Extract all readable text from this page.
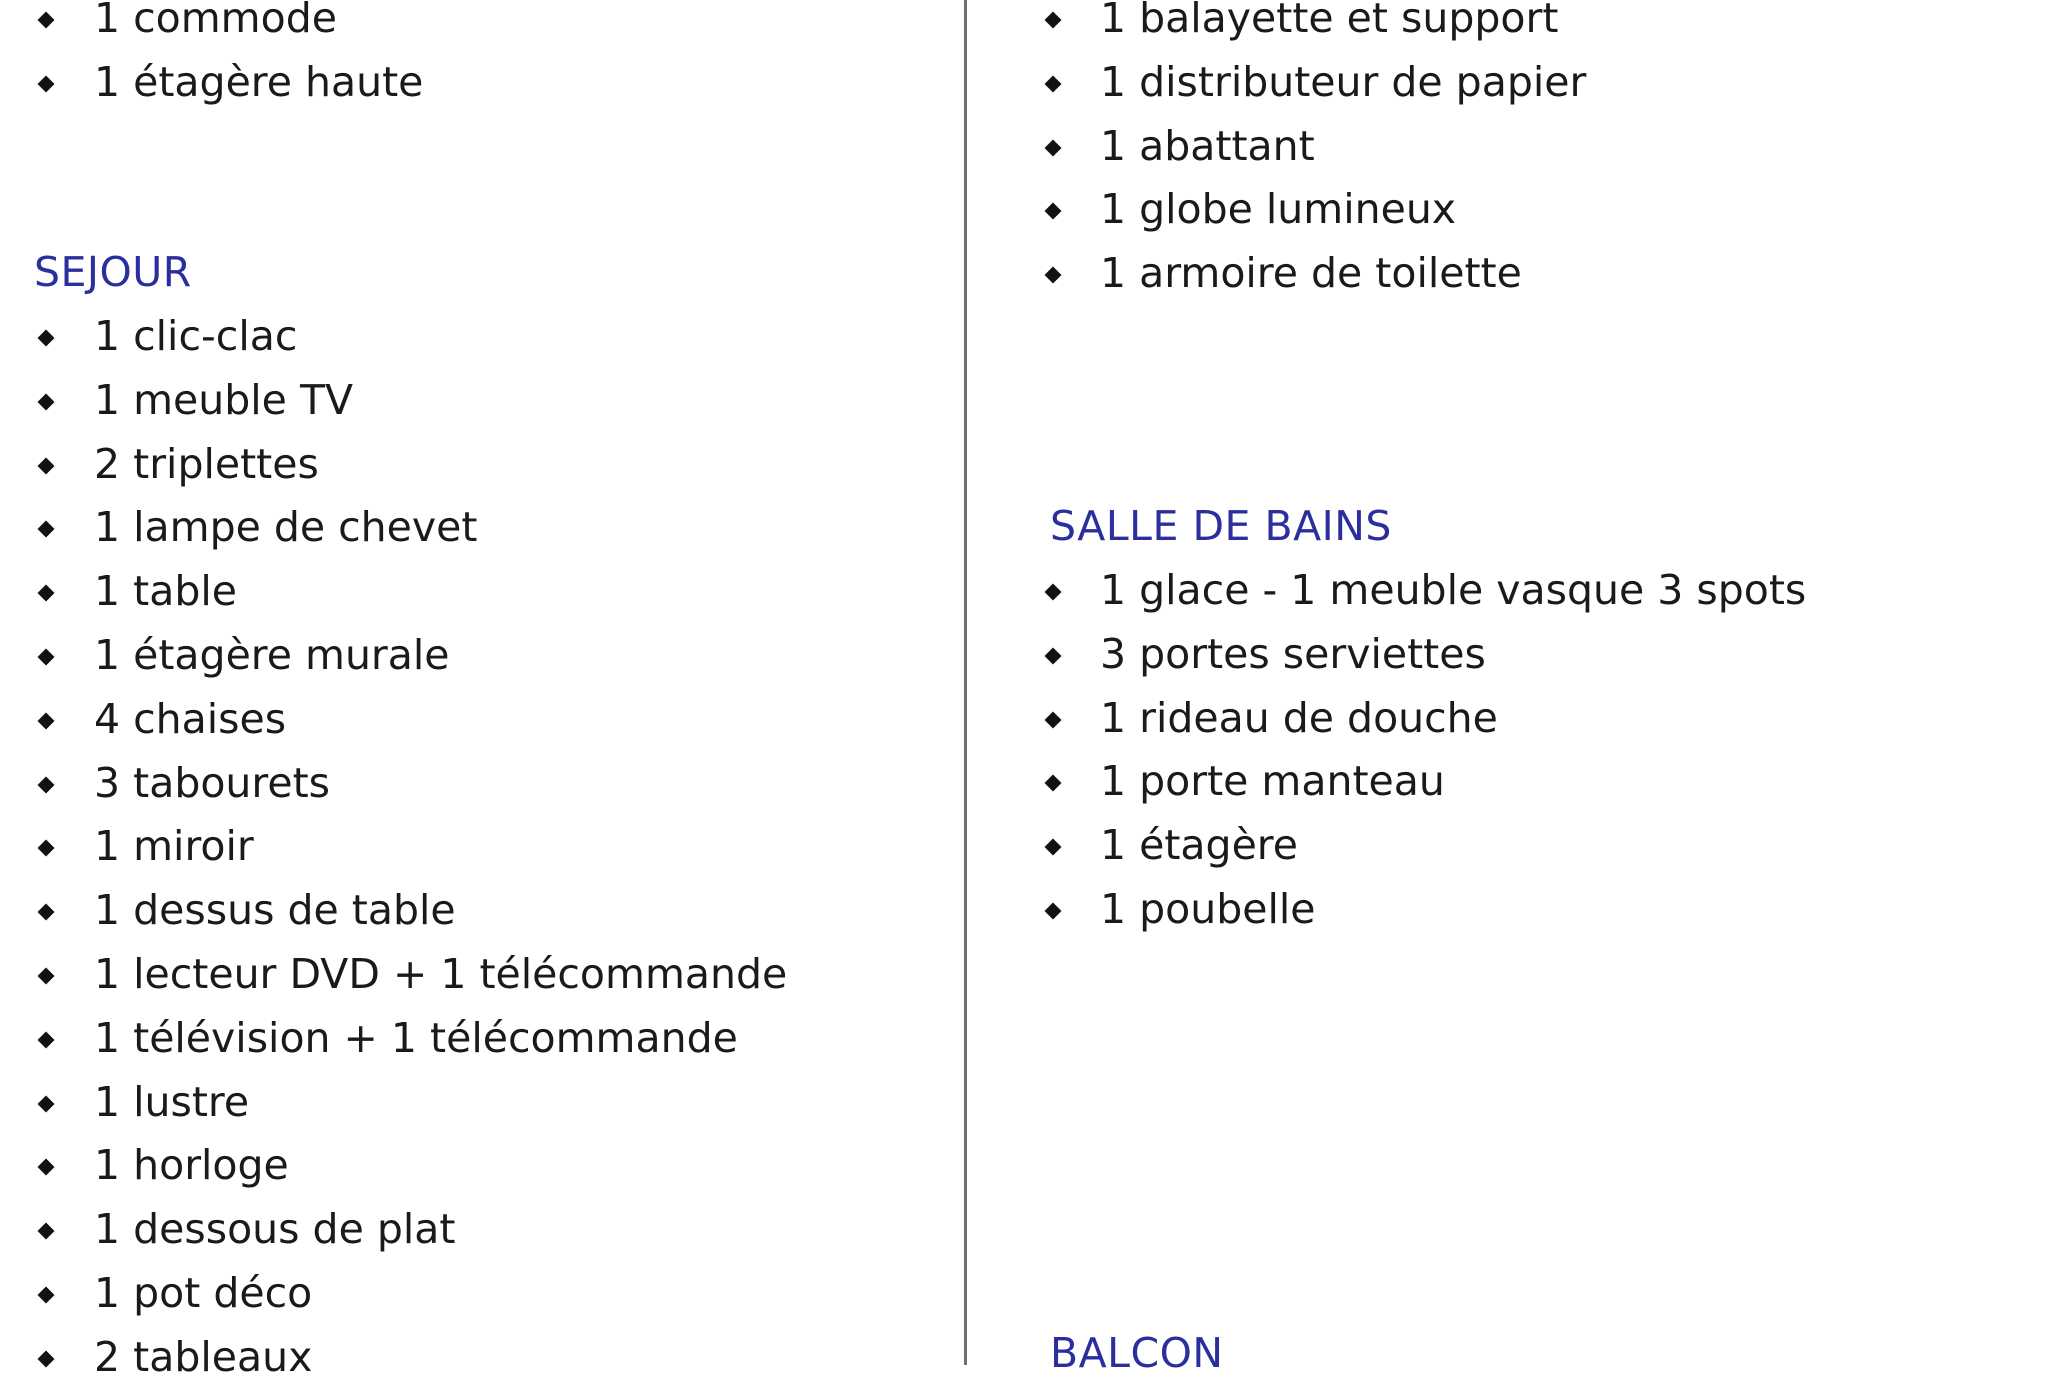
1 commode
1 étagère haute
SEJOUR
1 clic-clac
1 meuble TV
2 triplettes
1 lampe de chevet
1 table
1 étagère murale
4 chaises
3 tabourets
1 miroir
1 dessus de table
1 lecteur DVD + 1 télécommande
1 télévision + 1 télécommande
1 lustre
1 horloge
1 dessous de plat
1 pot déco
2 tableaux
1 balayette et support
1 distributeur de papier
1 abattant
1 globe lumineux
1 armoire de toilette
SALLE DE BAINS
1 glace - 1 meuble vasque 3 spots
3 portes serviettes
1 rideau de douche
1 porte manteau
1 étagère
1 poubelle
BALCON
